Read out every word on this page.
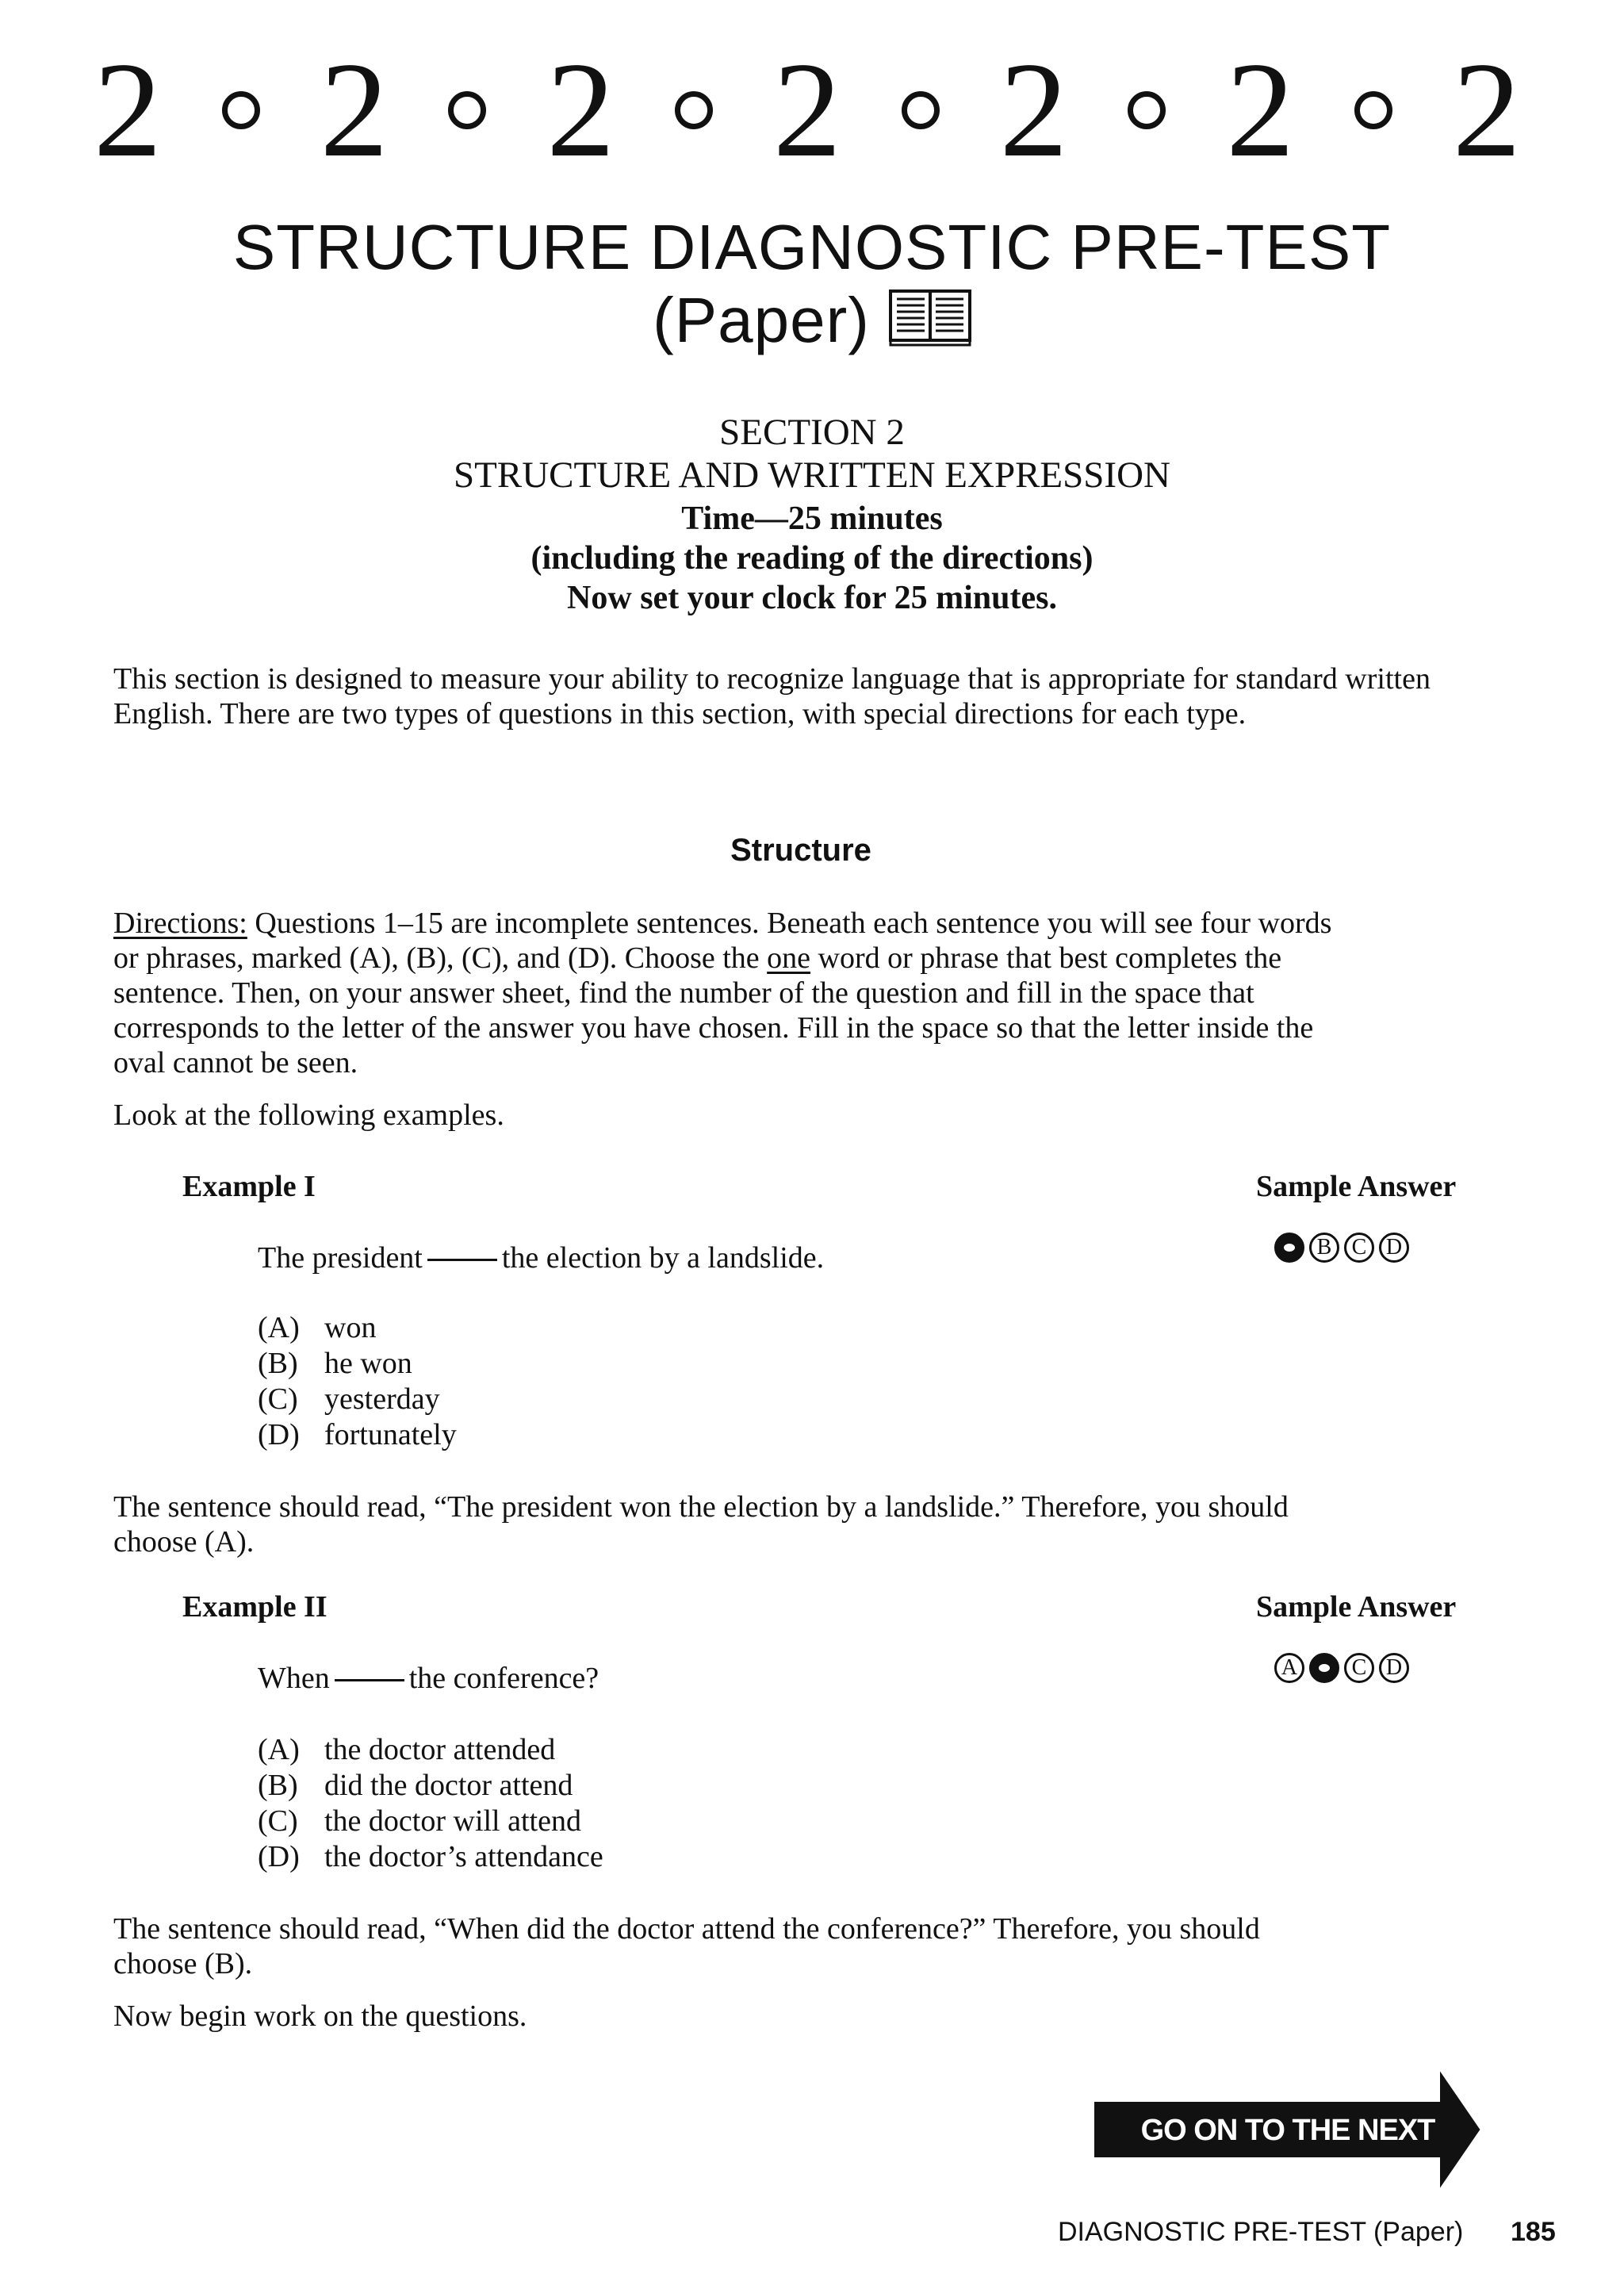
2 2 2 2 2 2 2
STRUCTURE DIAGNOSTIC PRE-TEST
(Paper)
SECTION 2
STRUCTURE AND WRITTEN EXPRESSION
Time—25 minutes
(including the reading of the directions)
Now set your clock for 25 minutes.
This section is designed to measure your ability to recognize language that is appropriate for standard written English. There are two types of questions in this section, with special directions for each type.
Structure

Directions: Questions 1–15 are incomplete sentences. Beneath each sentence you will see four words

or phrases, marked (A), (B), (C), and (D). Choose the one word or phrase that best completes the

sentence. Then, on your answer sheet, find the number of the question and fill in the space that

corresponds to the letter of the answer you have chosen. Fill in the space so that the letter inside the

oval cannot be seen.

Look at the following examples.
Example I	Sample Answer
The president	the election by a landslide.	B C D
(A) won
(B) he won
(C) yesterday
(D) fortunately

The sentence should read, “The president won the election by a landslide.” Therefore, you should

choose (A).

Example II	Sample Answer
When	the conference?	A	C D
(A) the doctor attended
(B) did the doctor attend
(C) the doctor will attend
(D) the doctor’s attendance

The sentence should read, “When did the doctor attend the conference?” Therefore, you should

choose (B).

Now begin work on the questions.
GO ON TO THE NEXT PAGE
DIAGNOSTIC PRE-TEST (Paper) 185
